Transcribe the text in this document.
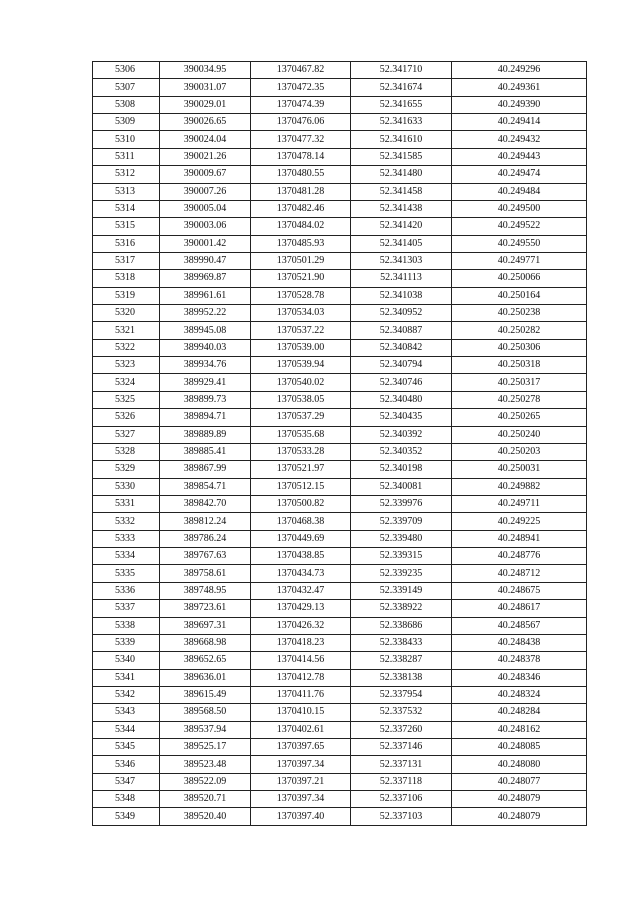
5306	390034.95	1370467.82	52.341710	40.249296
5307	390031.07	1370472.35	52.341674	40.249361
5308	390029.01	1370474.39	52.341655	40.249390
5309	390026.65	1370476.06	52.341633	40.249414
5310	390024.04	1370477.32	52.341610	40.249432
5311	390021.26	1370478.14	52.341585	40.249443
5312	390009.67	1370480.55	52.341480	40.249474
5313	390007.26	1370481.28	52.341458	40.249484
5314	390005.04	1370482.46	52.341438	40.249500
5315	390003.06	1370484.02	52.341420	40.249522
5316	390001.42	1370485.93	52.341405	40.249550
5317	389990.47	1370501.29	52.341303	40.249771
5318	389969.87	1370521.90	52.341113	40.250066
5319	389961.61	1370528.78	52.341038	40.250164
5320	389952.22	1370534.03	52.340952	40.250238
5321	389945.08	1370537.22	52.340887	40.250282
5322	389940.03	1370539.00	52.340842	40.250306
5323	389934.76	1370539.94	52.340794	40.250318
5324	389929.41	1370540.02	52.340746	40.250317
5325	389899.73	1370538.05	52.340480	40.250278
5326	389894.71	1370537.29	52.340435	40.250265
5327	389889.89	1370535.68	52.340392	40.250240
5328	389885.41	1370533.28	52.340352	40.250203
5329	389867.99	1370521.97	52.340198	40.250031
5330	389854.71	1370512.15	52.340081	40.249882
5331	389842.70	1370500.82	52.339976	40.249711
5332	389812.24	1370468.38	52.339709	40.249225
5333	389786.24	1370449.69	52.339480	40.248941
5334	389767.63	1370438.85	52.339315	40.248776
5335	389758.61	1370434.73	52.339235	40.248712
5336	389748.95	1370432.47	52.339149	40.248675
5337	389723.61	1370429.13	52.338922	40.248617
5338	389697.31	1370426.32	52.338686	40.248567
5339	389668.98	1370418.23	52.338433	40.248438
5340	389652.65	1370414.56	52.338287	40.248378
5341	389636.01	1370412.78	52.338138	40.248346
5342	389615.49	1370411.76	52.337954	40.248324
5343	389568.50	1370410.15	52.337532	40.248284
5344	389537.94	1370402.61	52.337260	40.248162
5345	389525.17	1370397.65	52.337146	40.248085
5346	389523.48	1370397.34	52.337131	40.248080
5347	389522.09	1370397.21	52.337118	40.248077
5348	389520.71	1370397.34	52.337106	40.248079
5349	389520.40	1370397.40	52.337103	40.248079
